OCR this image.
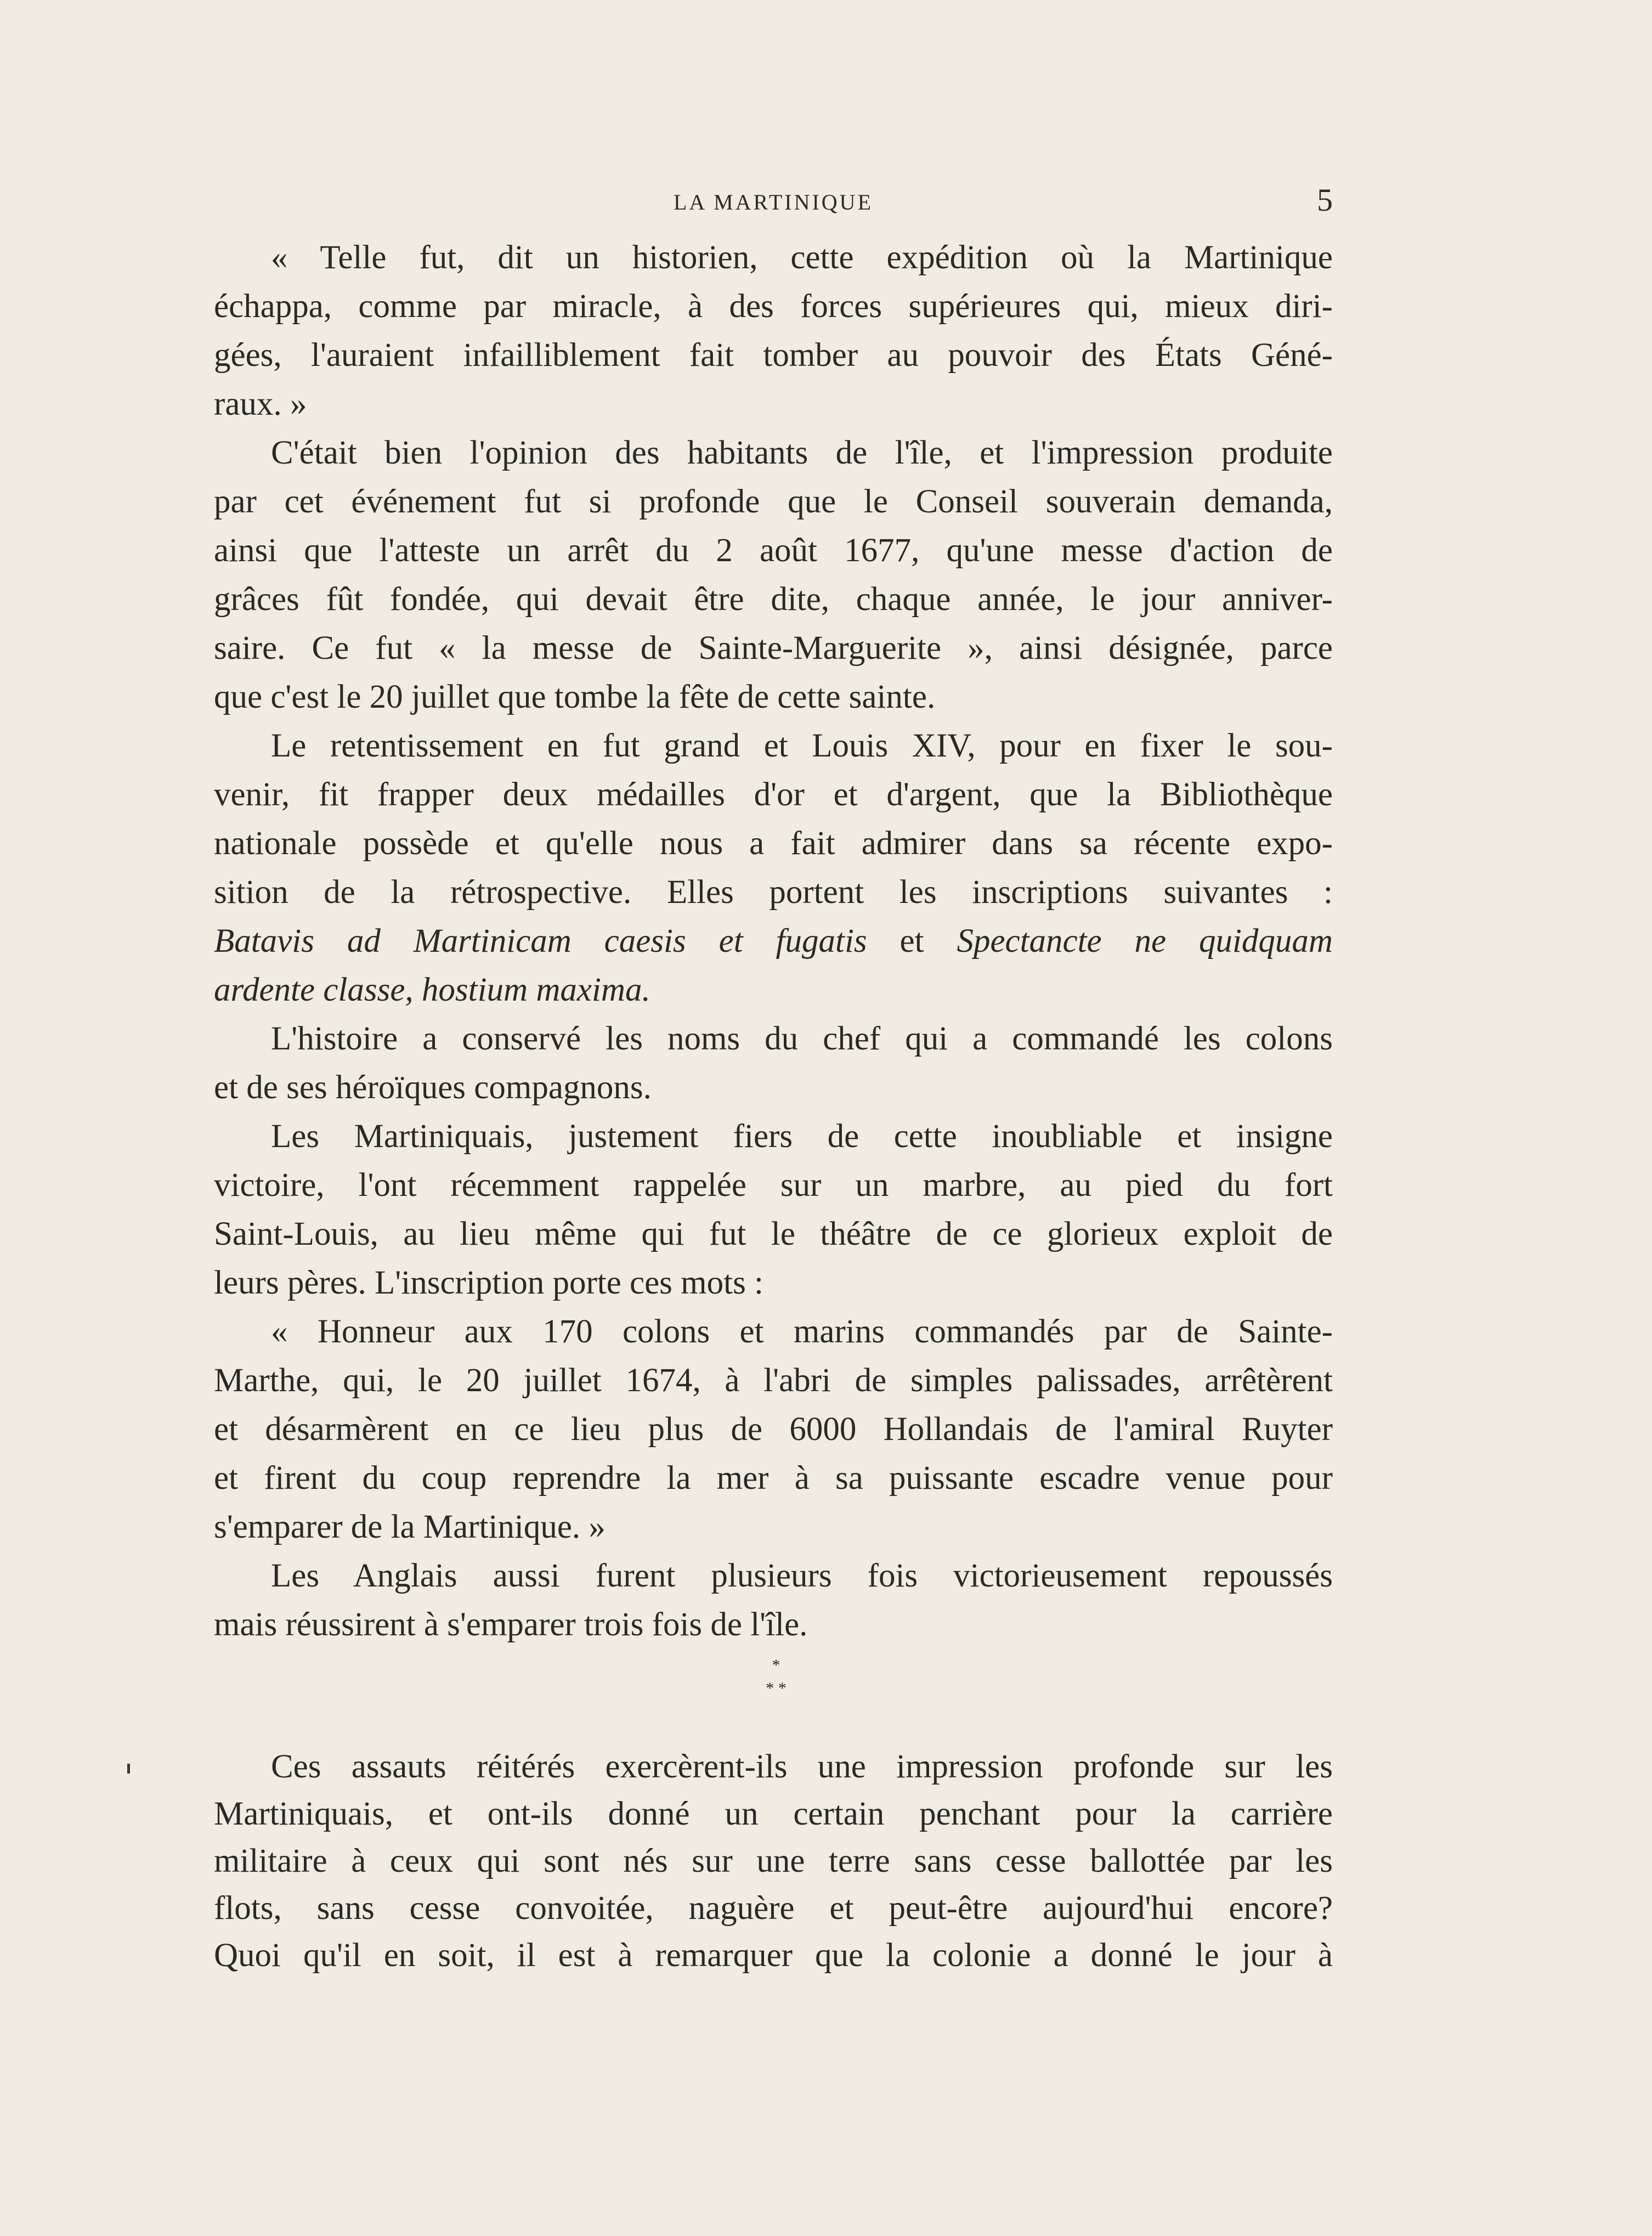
LA MARTINIQUE	5
« Telle fut, dit un historien, cette expédition où la Martinique
échappa, comme par miracle, à des forces supérieures qui, mieux diri-
gées, l'auraient infailliblement fait tomber au pouvoir des États Géné-
raux. »
C'était bien l'opinion des habitants de l'île, et l'impression produite
par cet événement fut si profonde que le Conseil souverain demanda,
ainsi que l'atteste un arrêt du 2 août 1677, qu'une messe d'action de
grâces fût fondée, qui devait être dite, chaque année, le jour anniver-
saire. Ce fut « la messe de Sainte-Marguerite », ainsi désignée, parce
que c'est le 20 juillet que tombe la fête de cette sainte.
Le retentissement en fut grand et Louis XIV, pour en fixer le sou-
venir, fit frapper deux médailles d'or et d'argent, que la Bibliothèque
nationale possède et qu'elle nous a fait admirer dans sa récente expo-
sition de la rétrospective. Elles portent les inscriptions suivantes :
Batavis ad Martinicam caesis et fugatis et Spectancte ne quidquam
ardente classe, hostium maxima.
L'histoire a conservé les noms du chef qui a commandé les colons
et de ses héroïques compagnons.
Les Martiniquais, justement fiers de cette inoubliable et insigne
victoire, l'ont récemment rappelée sur un marbre, au pied du fort
Saint-Louis, au lieu même qui fut le théâtre de ce glorieux exploit de
leurs pères. L'inscription porte ces mots :
« Honneur aux 170 colons et marins commandés par de Sainte-
Marthe, qui, le 20 juillet 1674, à l'abri de simples palissades, arrêtèrent
et désarmèrent en ce lieu plus de 6000 Hollandais de l'amiral Ruyter
et firent du coup reprendre la mer à sa puissante escadre venue pour
s'emparer de la Martinique. »
Les Anglais aussi furent plusieurs fois victorieusement repoussés
mais réussirent à s'emparer trois fois de l'île.
*
* *
Ces assauts réitérés exercèrent-ils une impression profonde sur les
Martiniquais, et ont-ils donné un certain penchant pour la carrière
militaire à ceux qui sont nés sur une terre sans cesse ballottée par les
flots, sans cesse convoitée, naguère et peut-être aujourd'hui encore?
Quoi qu'il en soit, il est à remarquer que la colonie a donné le jour à
